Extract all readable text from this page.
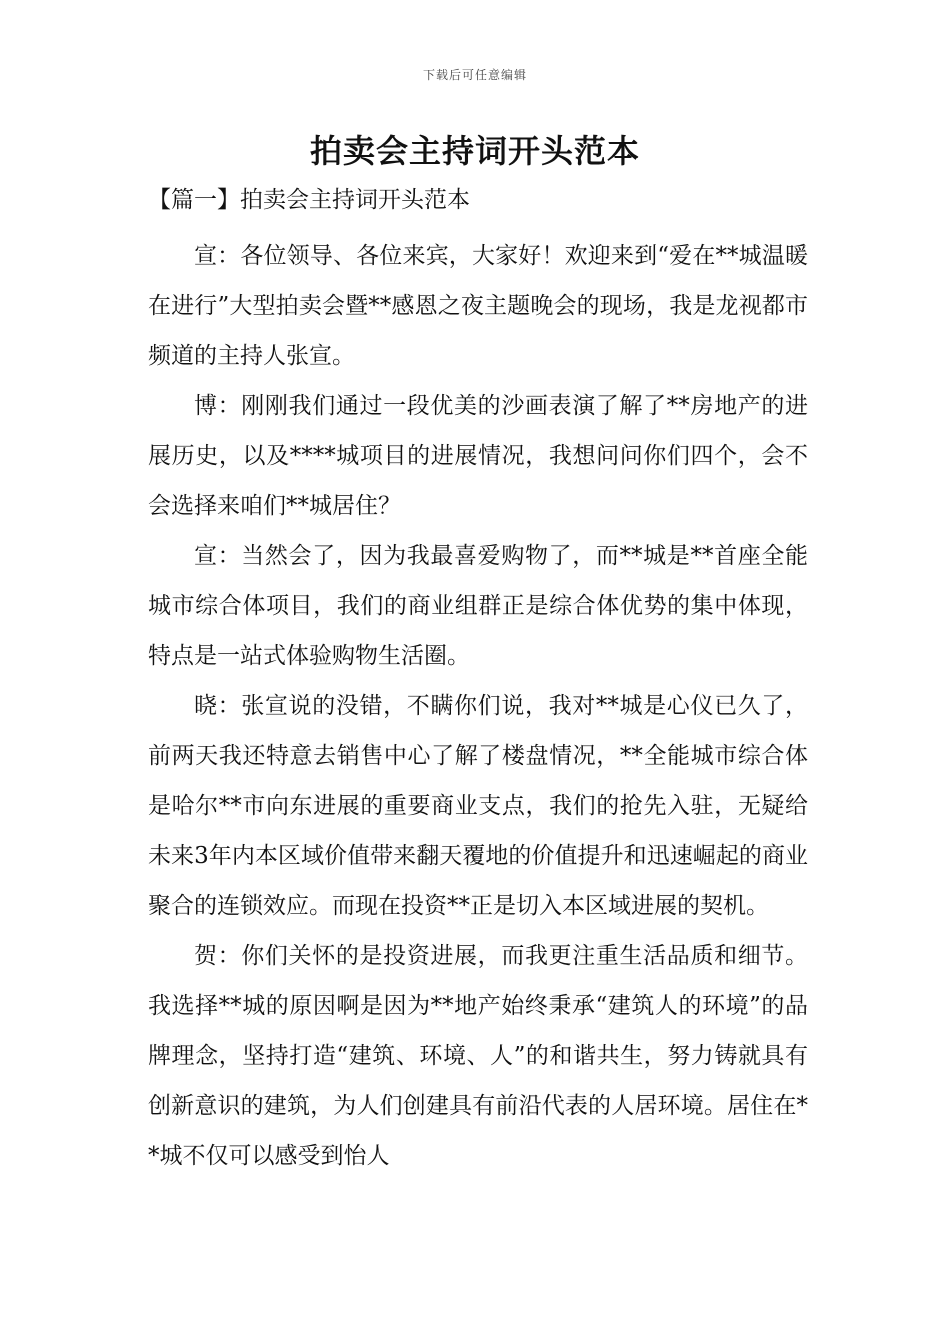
下载后可任意编辑
拍卖会主持词开头范本
【篇一】拍卖会主持词开头范本

宣：各位领导、各位来宾，大家好！欢迎来到“爱在**城温暖在进行”大型拍卖会暨**感恩之夜主题晚会的现场，我是龙视都市频道的主持人张宣。

博：刚刚我们通过一段优美的沙画表演了解了**房地产的进展历史，以及****城项目的进展情况，我想问问你们四个，会不会选择来咱们**城居住？

宣：当然会了，因为我最喜爱购物了，而**城是**首座全能城市综合体项目，我们的商业组群正是综合体优势的集中体现，特点是一站式体验购物生活圈。

晓：张宣说的没错，不瞒你们说，我对**城是心仪已久了，前两天我还特意去销售中心了解了楼盘情况，**全能城市综合体是哈尔**市向东进展的重要商业支点，我们的抢先入驻，无疑给未来3年内本区域价值带来翻天覆地的价值提升和迅速崛起的商业聚合的连锁效应。而现在投资**正是切入本区域进展的契机。

贺：你们关怀的是投资进展，而我更注重生活品质和细节。我选择**城的原因啊是因为**地产始终秉承“建筑人的环境”的品牌理念，坚持打造“建筑、环境、人”的和谐共生，努力铸就具有创新意识的建筑，为人们创建具有前沿代表的人居环境。居住在**城不仅可以感受到怡人
